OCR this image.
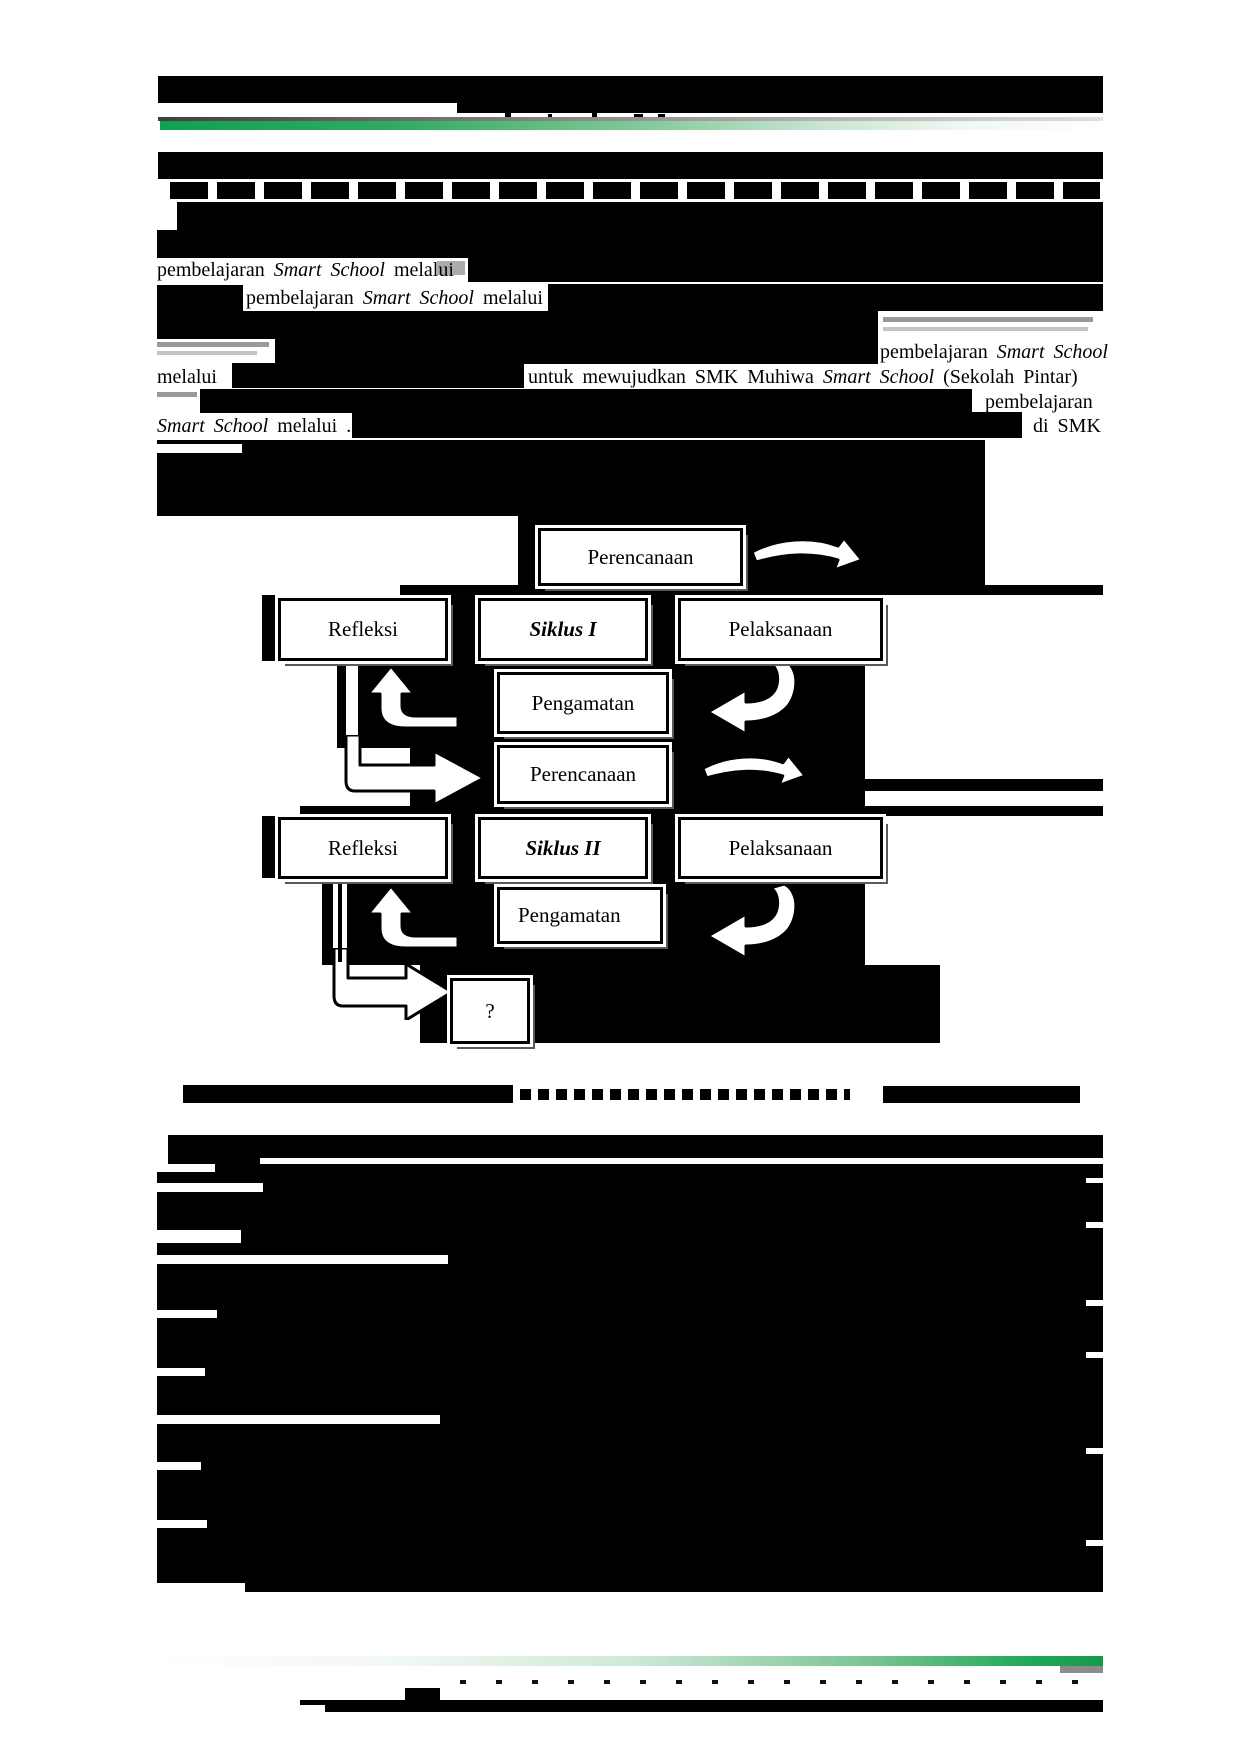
pembelajaran Smart School melalui
pembelajaran Smart School melalui
pembelajaran Smart School
melalui	untuk mewujudkan SMK Muhiwa Smart School (Sekolah Pintar)
pembelajaran
Smart School melalui .	di SMK
Perencanaan
Refleksi	Siklus I	Pelaksanaan
Pengamatan
Perencanaan
Refleksi	Siklus II	Pelaksanaan
Pengamatan
?
